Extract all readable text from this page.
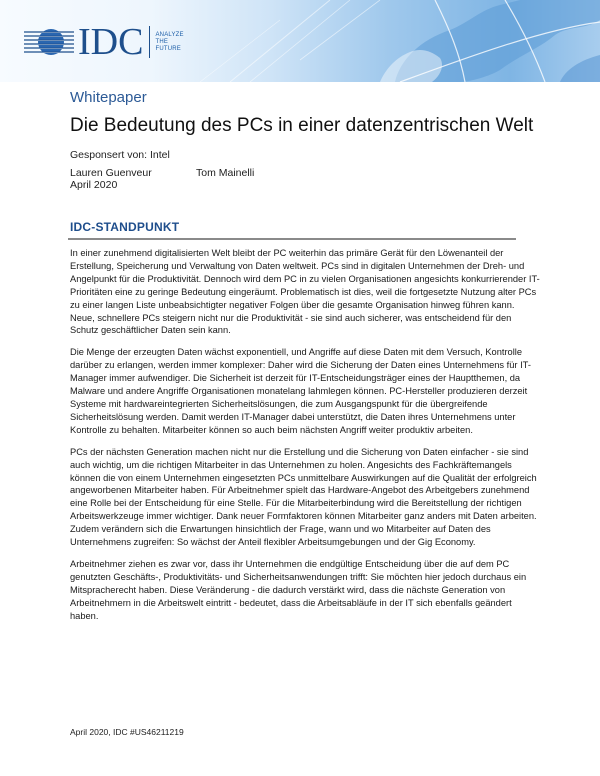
IDC ANALYZE
THE
FUTURE
Whitepaper
Die Bedeutung des PCs in einer datenzentrischen Welt
Gesponsert von: Intel
Lauren Guenveur	Tom Mainelli
April 2020
IDC-STANDPUNKT

In einer zunehmend digitalisierten Welt bleibt der PC weiterhin das primäre Gerät für den Löwenanteil der Erstellung, Speicherung und Verwaltung von Daten weltweit. PCs sind in digitalen Unternehmen der Dreh- und Angelpunkt für die Produktivität. Dennoch wird dem PC in zu vielen Organisationen angesichts konkurrierender IT-Prioritäten eine zu geringe Bedeutung eingeräumt. Problematisch ist dies, weil die fortgesetzte Nutzung alter PCs zu einer langen Liste unbeabsichtigter negativer Folgen über die gesamte Organisation hinweg führen kann. Neue, schnellere PCs steigern nicht nur die Produktivität - sie sind auch sicherer, was entscheidend für den Schutz geschäftlicher Daten sein kann.

Die Menge der erzeugten Daten wächst exponentiell, und Angriffe auf diese Daten mit dem Versuch, Kontrolle darüber zu erlangen, werden immer komplexer: Daher wird die Sicherung der Daten eines Unternehmens für IT-Manager immer aufwendiger. Die Sicherheit ist derzeit für IT-Entscheidungsträger eines der Hauptthemen, da Malware und andere Angriffe Organisationen monatelang lahmlegen können. PC-Hersteller produzieren derzeit Systeme mit hardwareintegrierten Sicherheitslösungen, die zum Ausgangspunkt für die übergreifende Sicherheitslösung werden. Damit werden IT-Manager dabei unterstützt, die Daten ihres Unternehmens unter Kontrolle zu behalten. Mitarbeiter können so auch beim nächsten Angriff weiter produktiv arbeiten.

PCs der nächsten Generation machen nicht nur die Erstellung und die Sicherung von Daten einfacher - sie sind auch wichtig, um die richtigen Mitarbeiter in das Unternehmen zu holen. Angesichts des Fachkräftemangels können die von einem Unternehmen eingesetzten PCs unmittelbare Auswirkungen auf die Qualität der erfolgreich angeworbenen Mitarbeiter haben. Für Arbeitnehmer spielt das Hardware-Angebot des Arbeitgebers zunehmend eine Rolle bei der Entscheidung für eine Stelle. Für die Mitarbeiterbindung wird die Bereitstellung der richtigen Arbeitswerkzeuge immer wichtiger. Dank neuer Formfaktoren können Mitarbeiter ganz anders mit Daten arbeiten. Zudem verändern sich die Erwartungen hinsichtlich der Frage, wann und wo Mitarbeiter auf Daten des Unternehmens zugreifen: So wächst der Anteil flexibler Arbeitsumgebungen und der Gig Economy.

Arbeitnehmer ziehen es zwar vor, dass ihr Unternehmen die endgültige Entscheidung über die auf dem PC genutzten Geschäfts-, Produktivitäts- und Sicherheitsanwendungen trifft: Sie möchten hier jedoch durchaus ein Mitspracherecht haben. Diese Veränderung - die dadurch verstärkt wird, dass die nächste Generation von Arbeitnehmern in die Arbeitswelt eintritt - bedeutet, dass die Arbeitsabläufe in der IT sich ebenfalls geändert haben.

April 2020, IDC #US46211219
